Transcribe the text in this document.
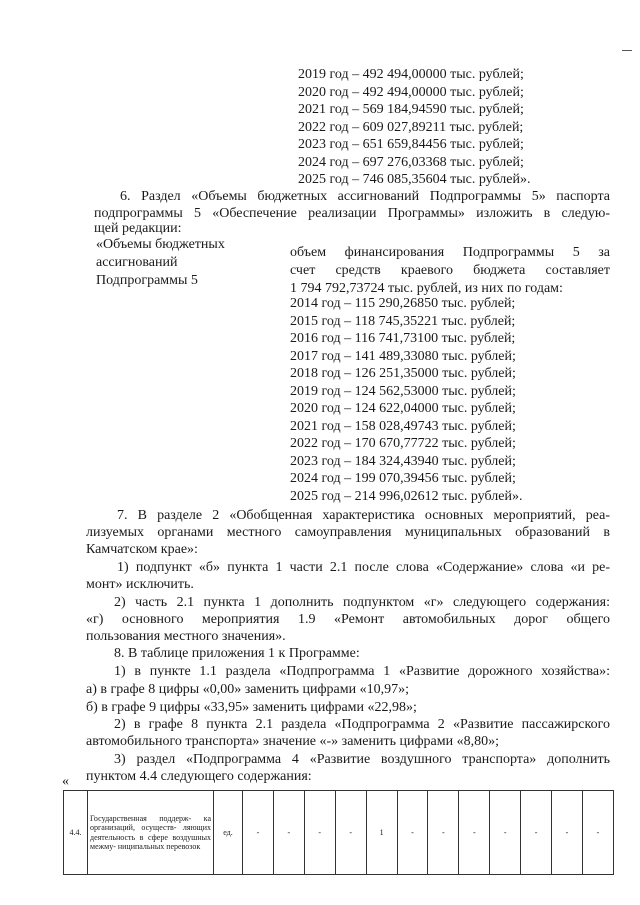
2019 год – 492 494,00000 тыс. рублей;
2020 год – 492 494,00000 тыс. рублей;
2021 год – 569 184,94590 тыс. рублей;
2022 год – 609 027,89211 тыс. рублей;
2023 год – 651 659,84456 тыс. рублей;
2024 год – 697 276,03368 тыс. рублей;
2025 год – 746 085,35604 тыс. рублей».
6. Раздел «Объемы бюджетных ассигнований Подпрограммы 5» паспорта
подпрограммы 5 «Обеспечение реализации Программы» изложить в следую-
щей редакции:
«Объемы бюджетных
ассигнований
Подпрограммы 5
объем финансирования Подпрограммы 5 за
счет средств краевого бюджета составляет
1 794 792,73724 тыс. рублей, из них по годам:
2014 год – 115 290,26850 тыс. рублей;
2015 год – 118 745,35221 тыс. рублей;
2016 год – 116 741,73100 тыс. рублей;
2017 год – 141 489,33080 тыс. рублей;
2018 год – 126 251,35000 тыс. рублей;
2019 год – 124 562,53000 тыс. рублей;
2020 год – 124 622,04000 тыс. рублей;
2021 год – 158 028,49743 тыс. рублей;
2022 год – 170 670,77722 тыс. рублей;
2023 год – 184 324,43940 тыс. рублей;
2024 год – 199 070,39456 тыс. рублей;
2025 год – 214 996,02612 тыс. рублей».
7. В разделе 2 «Обобщенная характеристика основных мероприятий, реа-
лизуемых органами местного самоуправления муниципальных образований в
Камчатском крае»:
1) подпункт «б» пункта 1 части 2.1 после слова «Содержание» слова «и ре-
монт» исключить.
2) часть 2.1 пункта 1 дополнить подпунктом «г» следующего содержания:
«г) основного мероприятия 1.9 «Ремонт автомобильных дорог общего
пользования местного значения».
8. В таблице приложения 1 к Программе:
1) в пункте 1.1 раздела «Подпрограмма 1 «Развитие дорожного хозяйства»:
а) в графе 8 цифры «0,00» заменить цифрами «10,97»;
б) в графе 9 цифры «33,95» заменить цифрами «22,98»;
2) в графе 8 пункта 2.1 раздела «Подпрограмма 2 «Развитие пассажирского
автомобильного транспорта» значение «-» заменить цифрами «8,80»;
3) раздел «Подпрограмма 4 «Развитие воздушного транспорта» дополнить
пунктом 4.4 следующего содержания:
«
4.4.	Государственная поддерж- ка организаций, осуществ- ляющих деятельность в сфере воздушных межму- ниципальных перевозок	ед.	-	-	-	-	1	-	-	-	-	-	-	-
